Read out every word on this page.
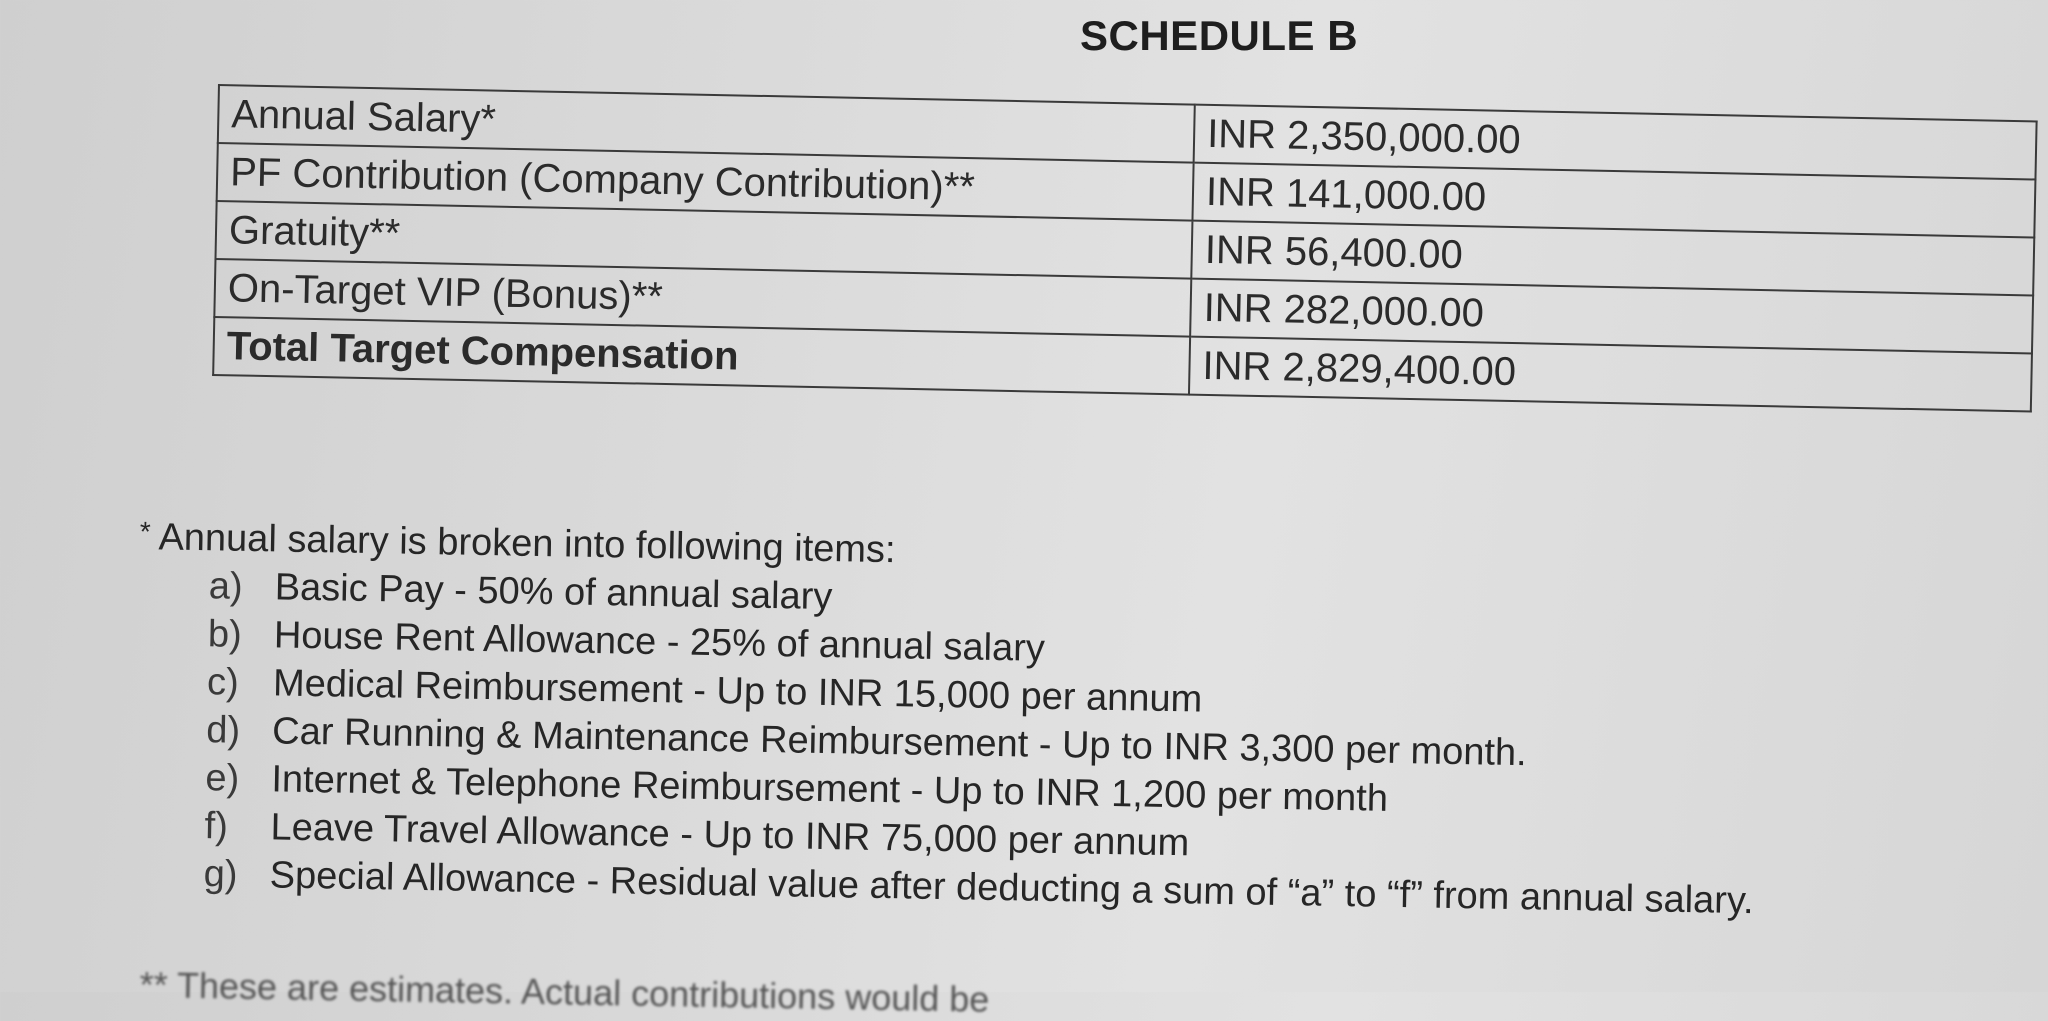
SCHEDULE B
Annual Salary*	INR 2,350,000.00
PF Contribution (Company Contribution)**	INR 141,000.00
Gratuity**	INR 56,400.00
On-Target VIP (Bonus)**	INR 282,000.00
Total Target Compensation	INR 2,829,400.00
* Annual salary is broken into following items:
a) Basic Pay - 50% of annual salary
b) House Rent Allowance - 25% of annual salary
c) Medical Reimbursement - Up to INR 15,000 per annum
d) Car Running & Maintenance Reimbursement - Up to INR 3,300 per month.
e) Internet & Telephone Reimbursement - Up to INR 1,200 per month
f) Leave Travel Allowance - Up to INR 75,000 per annum
g) Special Allowance - Residual value after deducting a sum of “a” to “f” from annual salary.
** These are estimates. Actual contributions would be
